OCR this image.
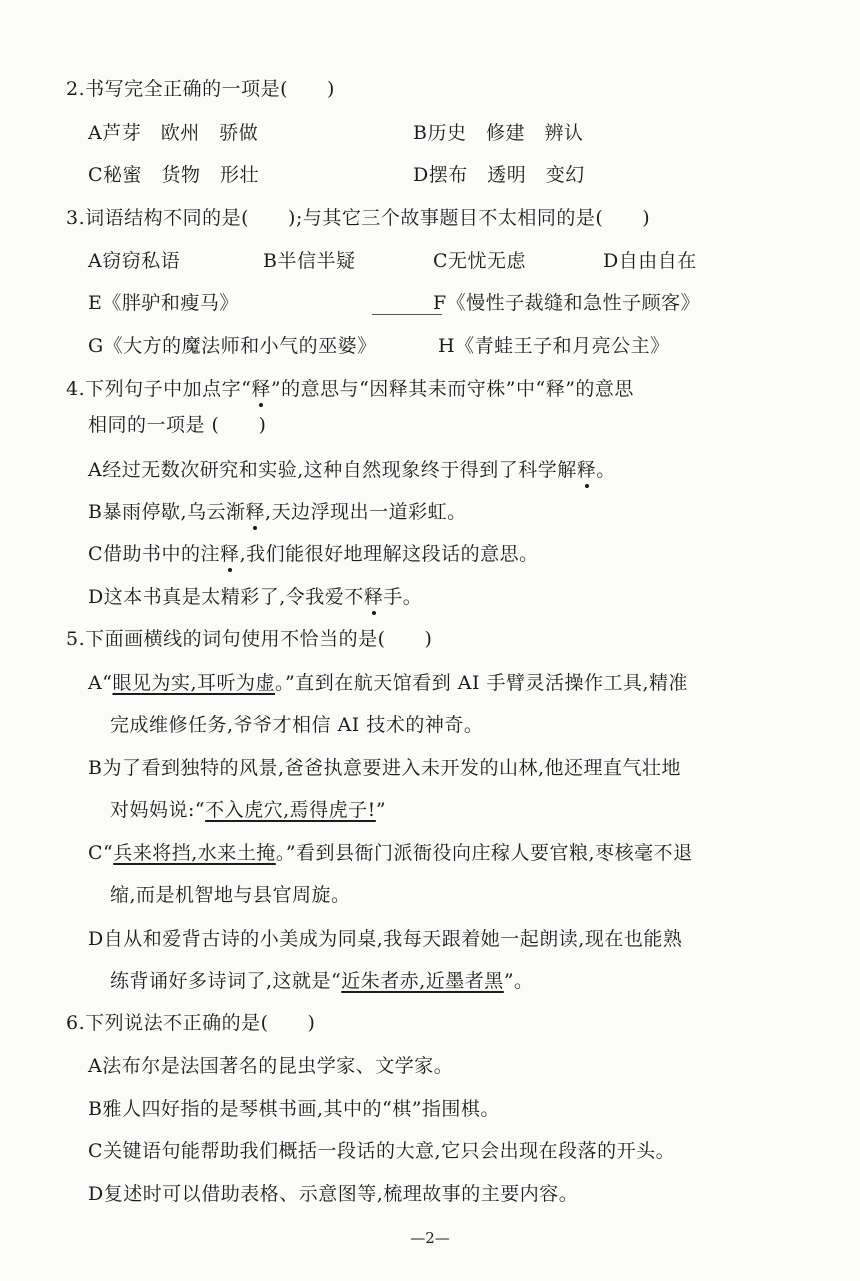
2.书写完全正确的一项是(　　)
A芦芽　欧州　骄做	B历史　修建　辨认
C秘蜜　货物　形壮	D摆布　透明　变幻
3.词语结构不同的是(　　);与其它三个故事题目不太相同的是(　　)
A窃窃私语	B半信半疑	C无忧无虑	D自由自在
E《胖驴和瘦马》	F《慢性子裁缝和急性子顾客》
G《大方的魔法师和小气的巫婆》	H《青蛙王子和月亮公主》
4.下列句子中加点字“释”的意思与“因释其耒而守株”中“释”的意思
相同的一项是 (　　)
A经过无数次研究和实验,这种自然现象终于得到了科学解释。
B暴雨停歇,乌云渐释,天边浮现出一道彩虹。
C借助书中的注释,我们能很好地理解这段话的意思。
D这本书真是太精彩了,令我爱不释手。
5.下面画横线的词句使用不恰当的是(　　)
A“眼见为实,耳听为虚。”直到在航天馆看到 AI 手臂灵活操作工具,精准
完成维修任务,爷爷才相信 AI 技术的神奇。
B为了看到独特的风景,爸爸执意要进入未开发的山林,他还理直气壮地
对妈妈说:“不入虎穴,焉得虎子!”
C“兵来将挡,水来土掩。”看到县衙门派衙役向庄稼人要官粮,枣核毫不退
缩,而是机智地与县官周旋。
D自从和爱背古诗的小美成为同桌,我每天跟着她一起朗读,现在也能熟
练背诵好多诗词了,这就是“近朱者赤,近墨者黑”。
6.下列说法不正确的是(　　)
A法布尔是法国著名的昆虫学家、文学家。
B雅人四好指的是琴棋书画,其中的“棋”指围棋。
C关键语句能帮助我们概括一段话的大意,它只会出现在段落的开头。
D复述时可以借助表格、示意图等,梳理故事的主要内容。
—2—
